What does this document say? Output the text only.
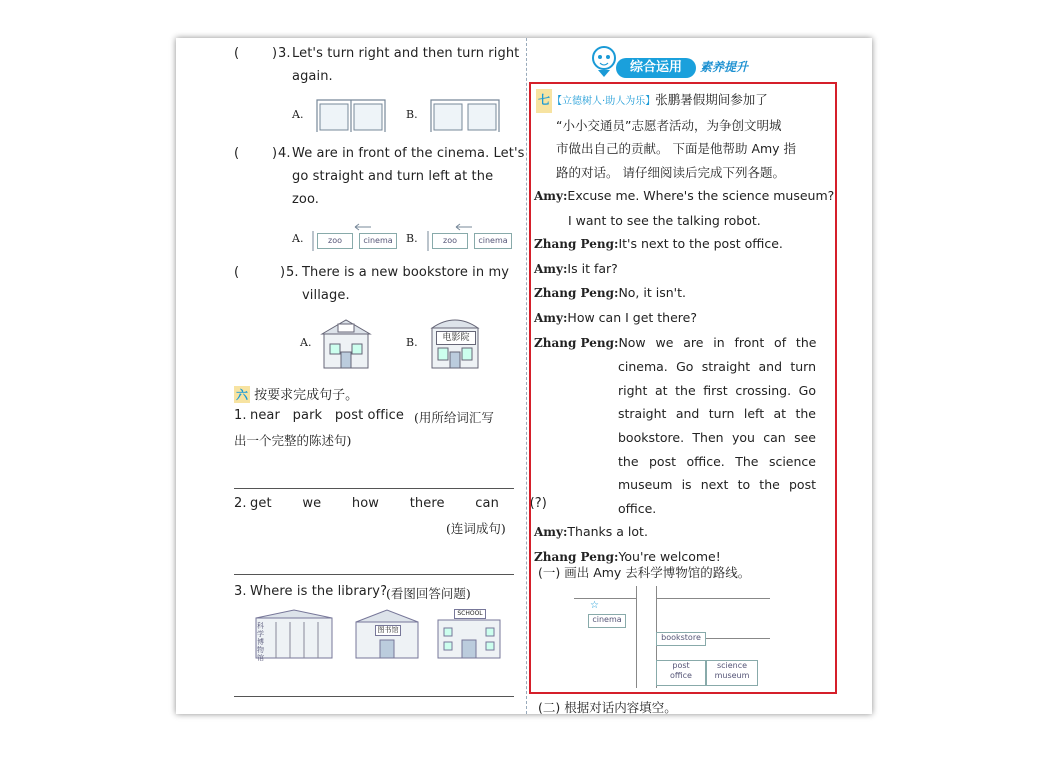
(	) 3. Let's turn right and then turn right
again.
A.	B.
(	) 4. We are in front of the cinema. Let's
go straight and turn left at the
zoo.
A.	zoo	cinema	B.	zoo	cinema
(	) 5. There is a new bookstore in my
village.
A.	B.	电影院
六 按要求完成句子。
1. near   park   post office (用所给词汇写
出一个完整的陈述句)
2. get   we   how   there   can   (?)
(连词成句)
3. Where is the library?
(看图回答问题)
科学博物馆
图书馆
SCHOOL
综合运用	素养提升
七 【立德树人·助人为乐】张鹏暑假期间参加了
“小小交通员”志愿者活动，为争创文明城
市做出自己的贡献。 下面是他帮助 Amy 指
路的对话。 请仔细阅读后完成下列各题。
Amy:Excuse me. Where's the science museum?
I want to see the talking robot.
Zhang Peng:It's next to the post office.
Amy:Is it far?
Zhang Peng:No, it isn't.
Amy:How can I get there?
Zhang Peng:Now we are in front of the
cinema. Go straight and turn
right at the first crossing. Go
straight and turn left at the
bookstore. Then you can see
the post office. The science
museum is next to the post
office.
Amy:Thanks a lot.
Zhang Peng:You're welcome!
(一) 画出 Amy 去科学博物馆的路线。
☆
cinema
bookstore
post
office
science
museum
(二) 根据对话内容填空。
